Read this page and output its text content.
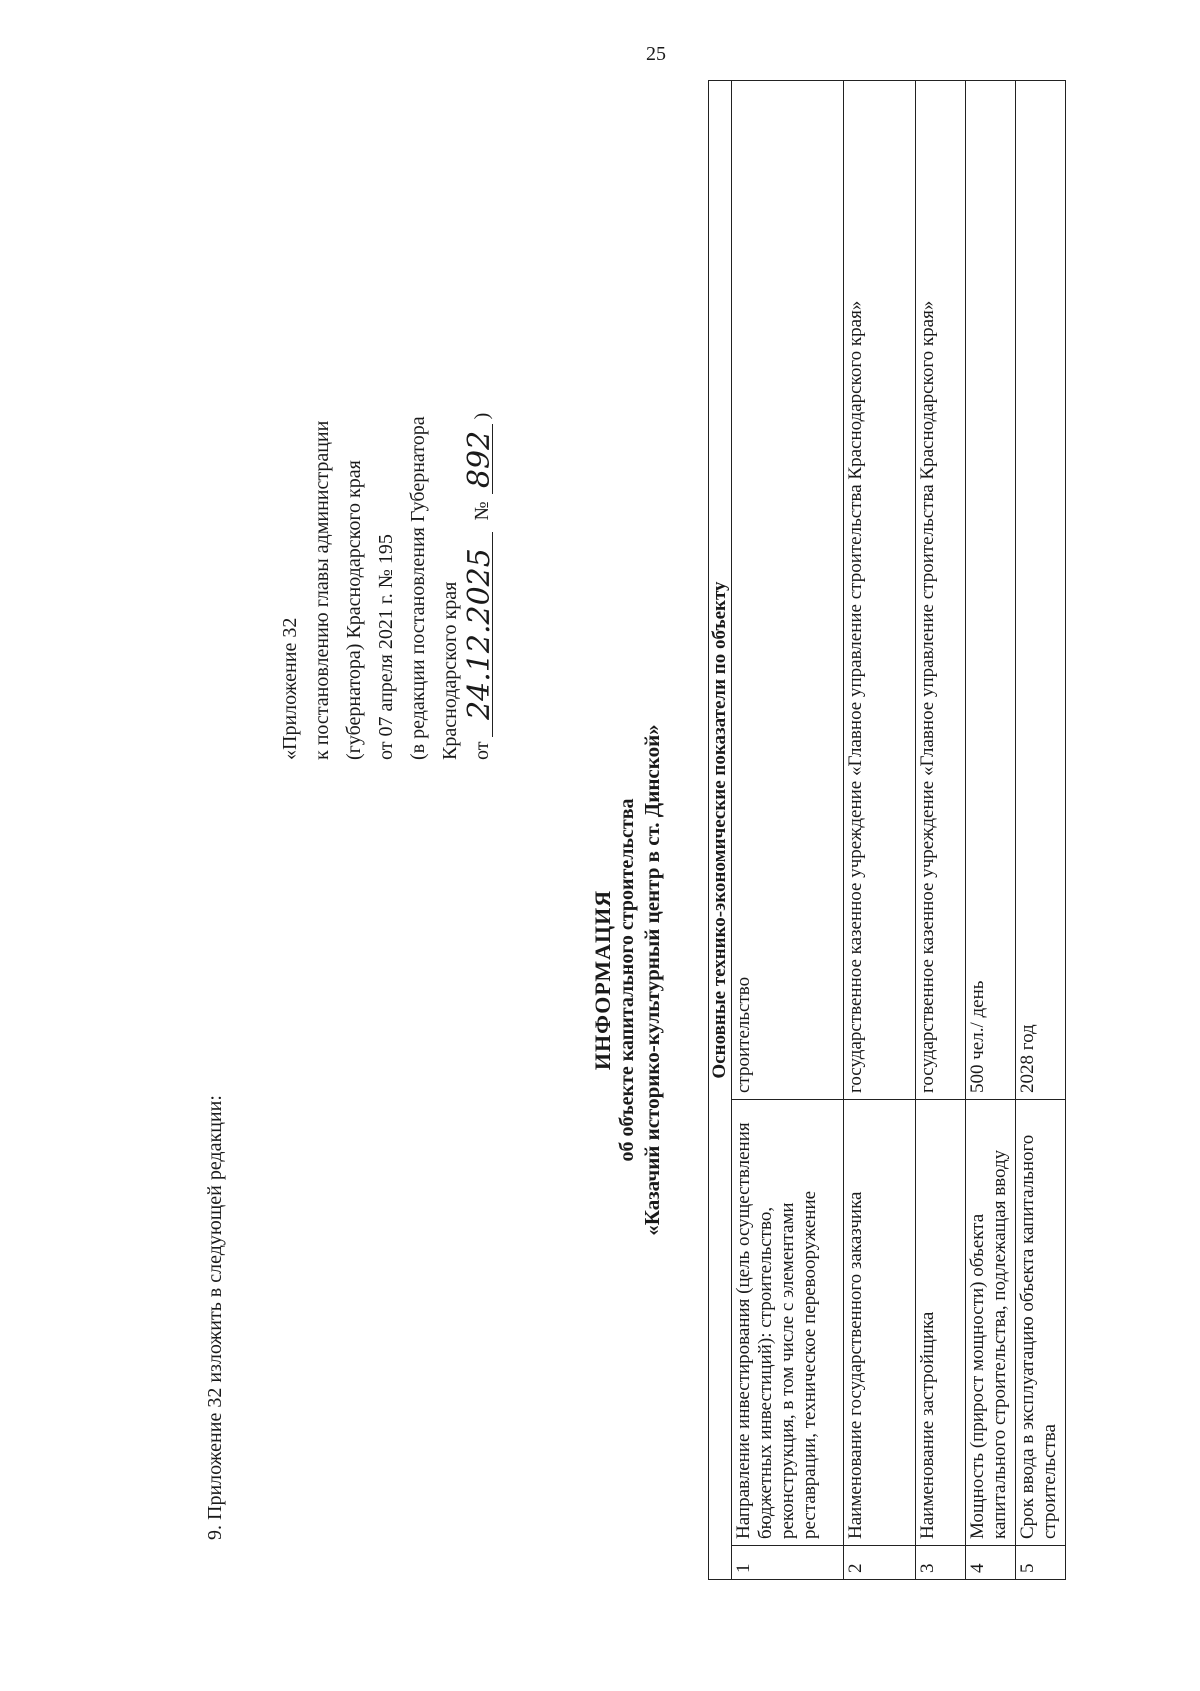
25
9. Приложение 32 изложить в следующей редакции:
«Приложение 32 к постановлению главы администрации (губернатора) Краснодарского края от 07 апреля 2021 г. № 195 (в редакции постановления Губернатора Краснодарского края от 24.12.2025 № 892 )
ИНФОРМАЦИЯ об объекте капитального строительства «Казачий историко-культурный центр в ст. Динской» Основные технико-экономические показатели по объекту		
1	Направление инвестирования (цель осуществления бюджетных инвестиций): строительство, реконструкция, в том числе с элементами реставрации, техническое перевооружение	строительство
2	Наименование государственного заказчика	государственное казенное учреждение «Главное управление строительства Краснодарского края»
3	Наименование застройщика	государственное казенное учреждение «Главное управление строительства Краснодарского края»
4	Мощность (прирост мощности) объекта капитального строительства, подлежащая вводу	500 чел./ день
5	Срок ввода в эксплуатацию объекта капитального строительства	2028 год
